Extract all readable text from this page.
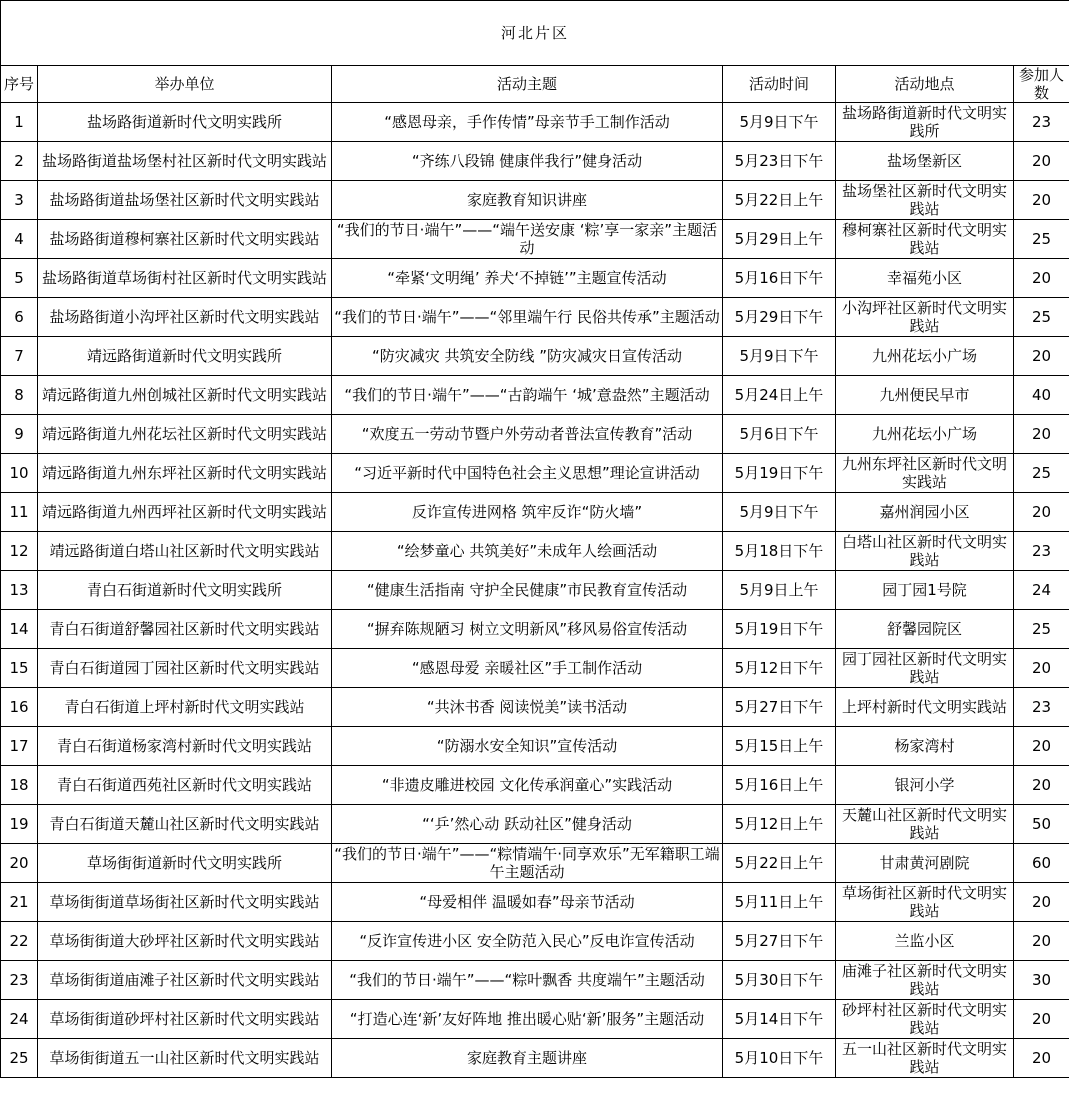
河北片区					
序号	举办单位	活动主题	活动时间	活动地点	参加人数
1	盐场路街道新时代文明实践所	“感恩母亲，手作传情”母亲节手工制作活动	5月9日下午	盐场路街道新时代文明实践所	23
2	盐场路街道盐场堡村社区新时代文明实践站	“齐练八段锦 健康伴我行”健身活动	5月23日下午	盐场堡新区	20
3	盐场路街道盐场堡社区新时代文明实践站	家庭教育知识讲座	5月22日上午	盐场堡社区新时代文明实践站	20
4	盐场路街道穆柯寨社区新时代文明实践站	“我们的节日·端午”——“端午送安康 ‘粽’享一家亲”主题活动	5月29日上午	穆柯寨社区新时代文明实践站	25
5	盐场路街道草场街村社区新时代文明实践站	“牵紧‘文明绳’ 养犬‘不掉链’”主题宣传活动	5月16日下午	幸福苑小区	20
6	盐场路街道小沟坪社区新时代文明实践站	“我们的节日·端午”——“邻里端午行 民俗共传承”主题活动	5月29日下午	小沟坪社区新时代文明实践站	25
7	靖远路街道新时代文明实践所	“防灾减灾 共筑安全防线 ”防灾减灾日宣传活动	5月9日下午	九州花坛小广场	20
8	靖远路街道九州创城社区新时代文明实践站	“我们的节日·端午”——“古韵端午 ‘城’意盎然”主题活动	5月24日上午	九州便民早市	40
9	靖远路街道九州花坛社区新时代文明实践站	“欢度五一劳动节暨户外劳动者普法宣传教育”活动	5月6日下午	九州花坛小广场	20
10	靖远路街道九州东坪社区新时代文明实践站	“习近平新时代中国特色社会主义思想”理论宣讲活动	5月19日下午	九州东坪社区新时代文明实践站	25
11	靖远路街道九州西坪社区新时代文明实践站	反诈宣传进网格 筑牢反诈“防火墙”	5月9日下午	嘉州润园小区	20
12	靖远路街道白塔山社区新时代文明实践站	“绘梦童心 共筑美好”未成年人绘画活动	5月18日下午	白塔山社区新时代文明实践站	23
13	青白石街道新时代文明实践所	“健康生活指南 守护全民健康”市民教育宣传活动	5月9日上午	园丁园1号院	24
14	青白石街道舒馨园社区新时代文明实践站	“摒弃陈规陋习 树立文明新风”移风易俗宣传活动	5月19日下午	舒馨园院区	25
15	青白石街道园丁园社区新时代文明实践站	“感恩母爱 亲暖社区”手工制作活动	5月12日下午	园丁园社区新时代文明实践站	20
16	青白石街道上坪村新时代文明实践站	“共沐书香 阅读悦美”读书活动	5月27日下午	上坪村新时代文明实践站	23
17	青白石街道杨家湾村新时代文明实践站	“防溺水安全知识”宣传活动	5月15日上午	杨家湾村	20
18	青白石街道西苑社区新时代文明实践站	“非遗皮雕进校园 文化传承润童心”实践活动	5月16日上午	银河小学	20
19	青白石街道天麓山社区新时代文明实践站	“‘乒’然心动 跃动社区”健身活动	5月12日上午	天麓山社区新时代文明实践站	50
20	草场街街道新时代文明实践所	“我们的节日·端午”——“粽情端午·同享欢乐”无军籍职工端午主题活动	5月22日上午	甘肃黄河剧院	60
21	草场街街道草场街社区新时代文明实践站	“母爱相伴 温暖如春”母亲节活动	5月11日上午	草场街社区新时代文明实践站	20
22	草场街街道大砂坪社区新时代文明实践站	“反诈宣传进小区 安全防范入民心”反电诈宣传活动	5月27日下午	兰监小区	20
23	草场街街道庙滩子社区新时代文明实践站	“我们的节日·端午”——“粽叶飘香 共度端午”主题活动	5月30日下午	庙滩子社区新时代文明实践站	30
24	草场街街道砂坪村社区新时代文明实践站	“打造心连‘新’友好阵地 推出暖心贴‘新’服务”主题活动	5月14日下午	砂坪村社区新时代文明实践站	20
25	草场街街道五一山社区新时代文明实践站	家庭教育主题讲座	5月10日下午	五一山社区新时代文明实践站	20
